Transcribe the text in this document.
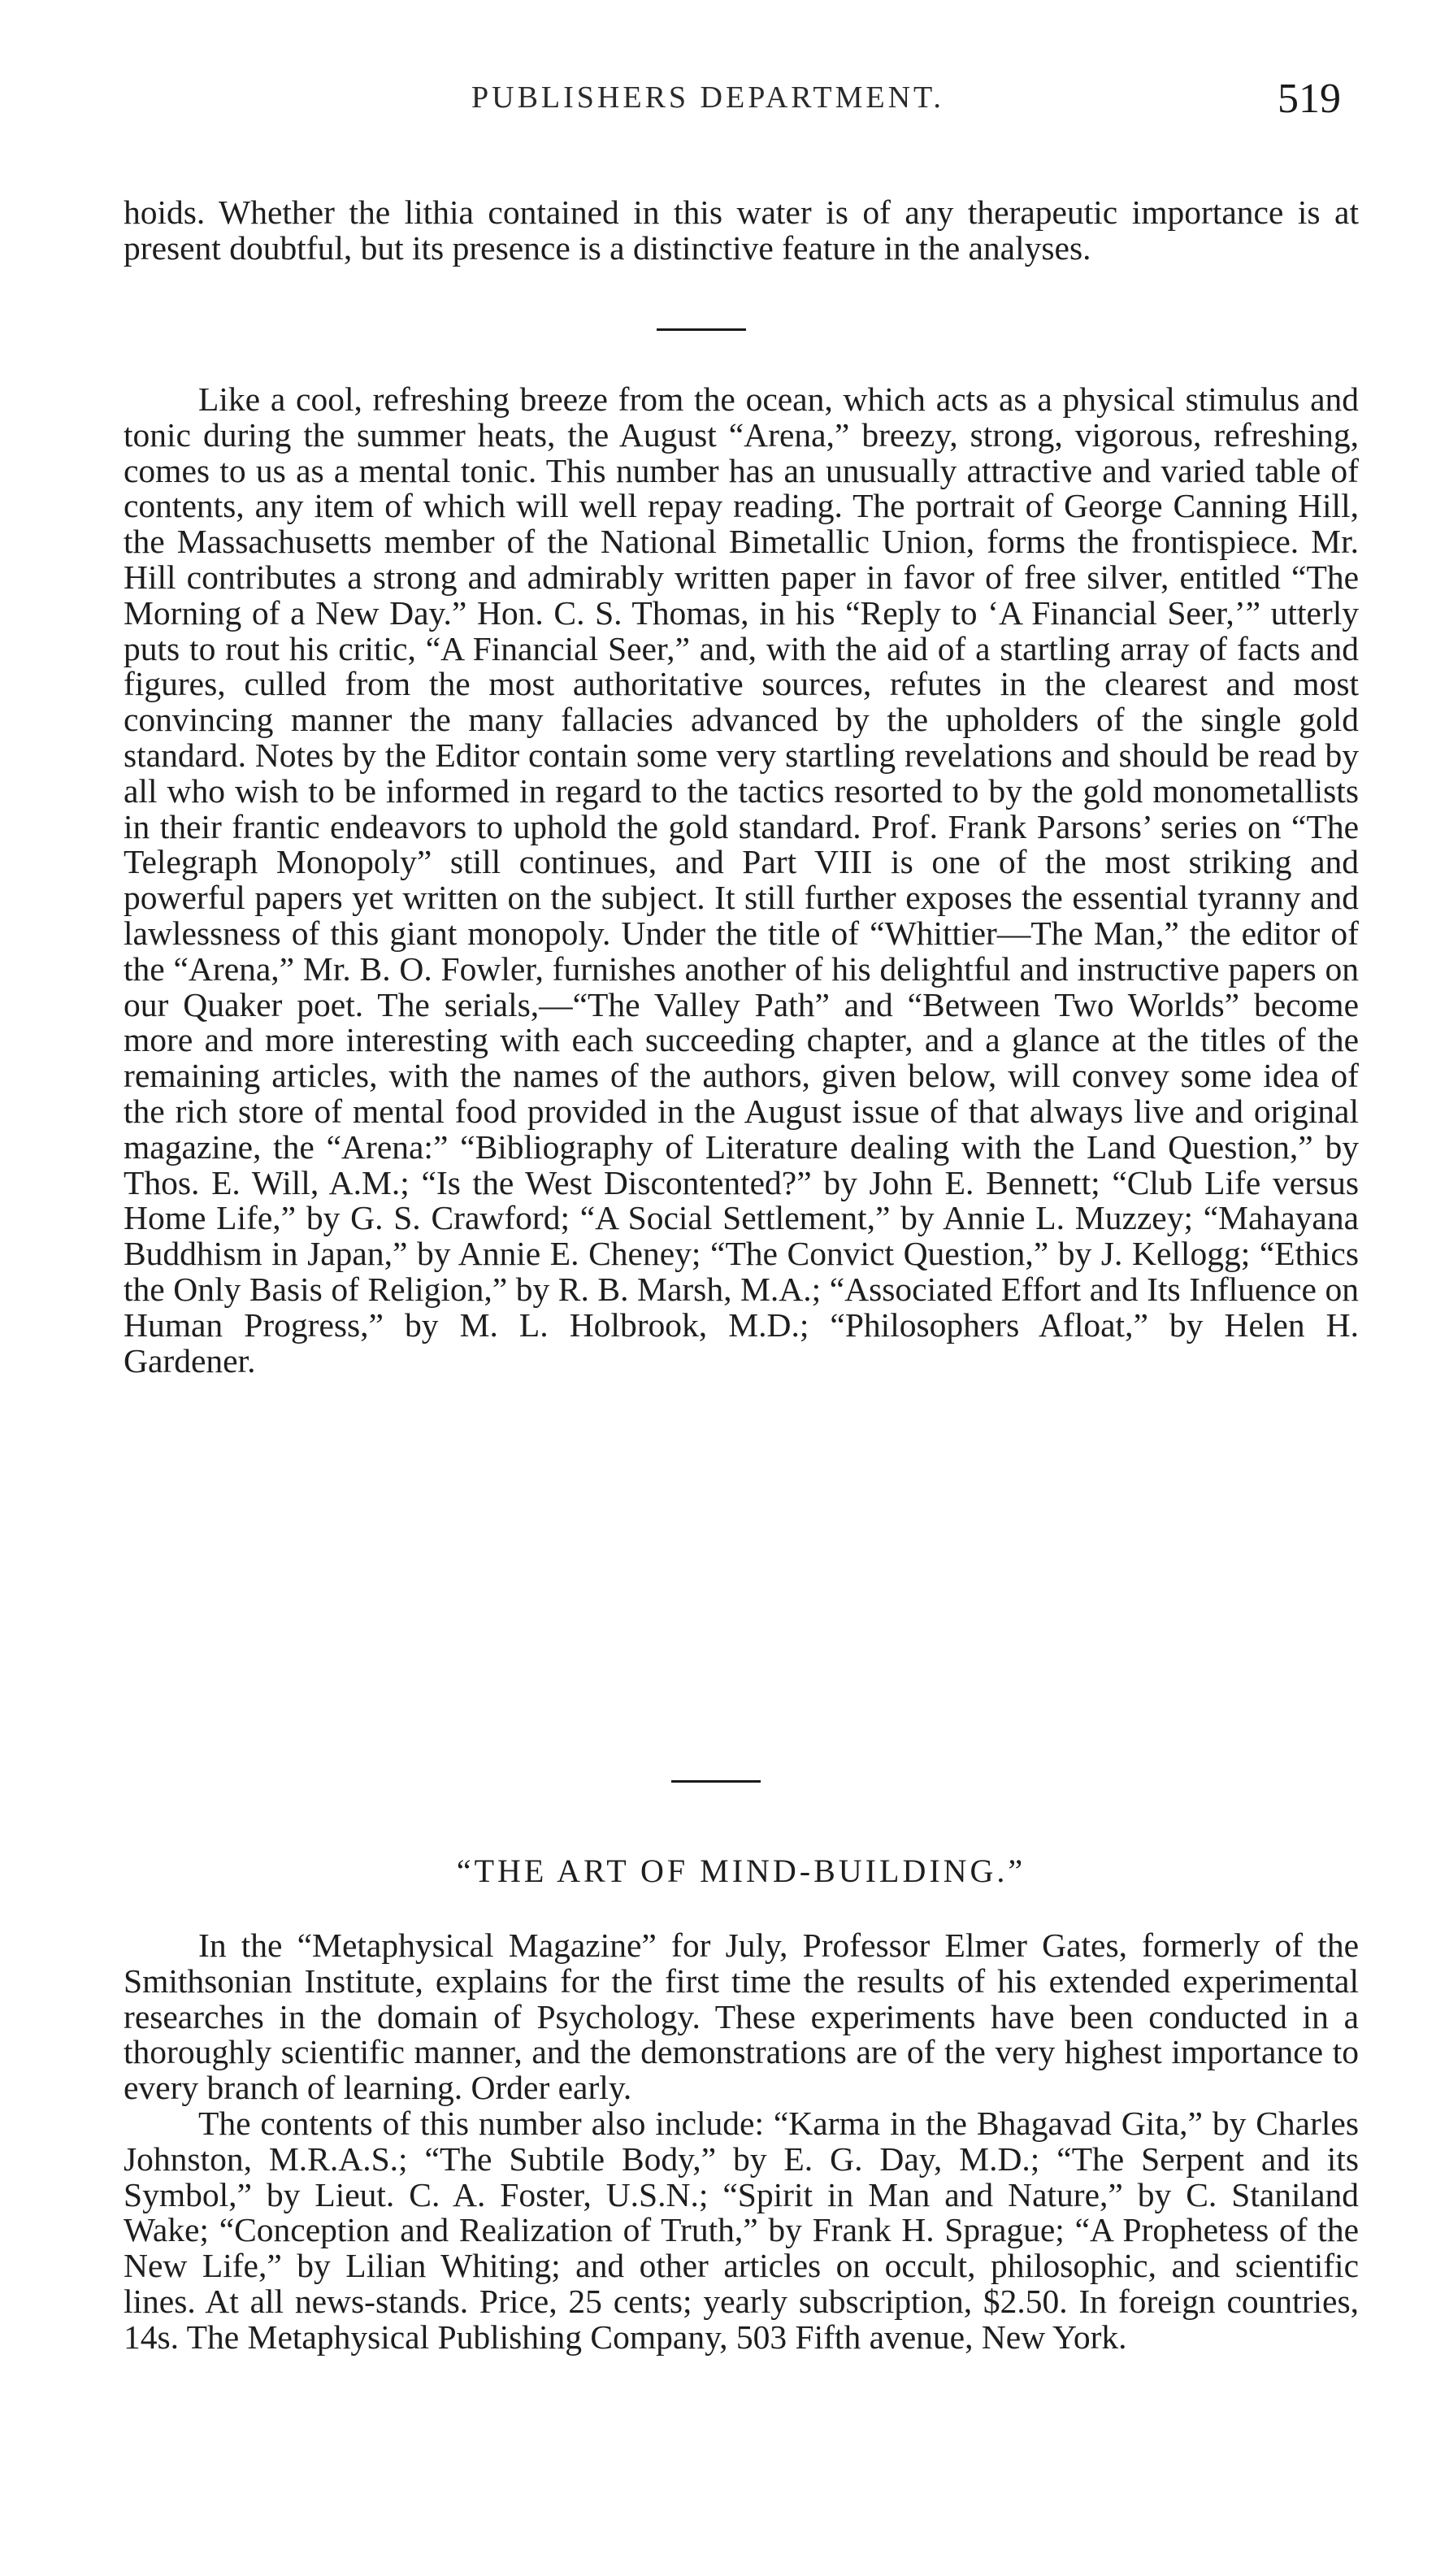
PUBLISHERS DEPARTMENT.	519

hoids. Whether the lithia contained in this water is of any therapeutic importance is at present doubtful, but its presence is a distinctive feature in the analyses.

Like a cool, refreshing breeze from the ocean, which acts as a physical stimulus and tonic during the summer heats, the August “Arena,” breezy, strong, vigorous, refreshing, comes to us as a mental tonic. This number has an unusually attractive and varied table of contents, any item of which will well repay reading. The portrait of George Canning Hill, the Massachusetts member of the National Bimetallic Union, forms the frontispiece. Mr. Hill contributes a strong and admirably written paper in favor of free silver, entitled “The Morning of a New Day.” Hon. C. S. Thomas, in his “Reply to ‘A Financial Seer,’” utterly puts to rout his critic, “A Financial Seer,” and, with the aid of a startling array of facts and figures, culled from the most authoritative sources, refutes in the clearest and most convincing manner the many fallacies advanced by the upholders of the single gold standard. Notes by the Editor contain some very startling revelations and should be read by all who wish to be informed in regard to the tactics resorted to by the gold monometallists in their frantic endeavors to uphold the gold standard. Prof. Frank Parsons’ series on “The Telegraph Monopoly” still continues, and Part VIII is one of the most striking and powerful papers yet written on the subject. It still further exposes the essential tyranny and lawlessness of this giant monopoly. Under the title of “Whittier—The Man,” the editor of the “Arena,” Mr. B. O. Fowler, furnishes another of his delightful and instructive papers on our Quaker poet. The serials,—“The Valley Path” and “Between Two Worlds” become more and more interesting with each succeeding chapter, and a glance at the titles of the remaining articles, with the names of the authors, given below, will convey some idea of the rich store of mental food provided in the August issue of that always live and original magazine, the “Arena:” “Bibliography of Literature dealing with the Land Question,” by Thos. E. Will, A.M.; “Is the West Discontented?” by John E. Bennett; “Club Life versus Home Life,” by G. S. Crawford; “A Social Settlement,” by Annie L. Muzzey; “Mahayana Buddhism in Japan,” by Annie E. Cheney; “The Convict Question,” by J. Kellogg; “Ethics the Only Basis of Religion,” by R. B. Marsh, M.A.; “Associated Effort and Its Influence on Human Progress,” by M. L. Holbrook, M.D.; “Philosophers Afloat,” by Helen H. Gardener.

“THE ART OF MIND-BUILDING.”

In the “Metaphysical Magazine” for July, Professor Elmer Gates, formerly of the Smithsonian Institute, explains for the first time the results of his extended experimental researches in the domain of Psychology. These experiments have been conducted in a thoroughly scientific manner, and the demonstrations are of the very highest importance to every branch of learning. Order early.

The contents of this number also include: “Karma in the Bhagavad Gita,” by Charles Johnston, M.R.A.S.; “The Subtile Body,” by E. G. Day, M.D.; “The Serpent and its Symbol,” by Lieut. C. A. Foster, U.S.N.; “Spirit in Man and Nature,” by C. Staniland Wake; “Conception and Realization of Truth,” by Frank H. Sprague; “A Prophetess of the New Life,” by Lilian Whiting; and other articles on occult, philosophic, and scientific lines. At all news-stands. Price, 25 cents; yearly subscription, $2.50. In foreign countries, 14s. The Metaphysical Publishing Company, 503 Fifth avenue, New York.
